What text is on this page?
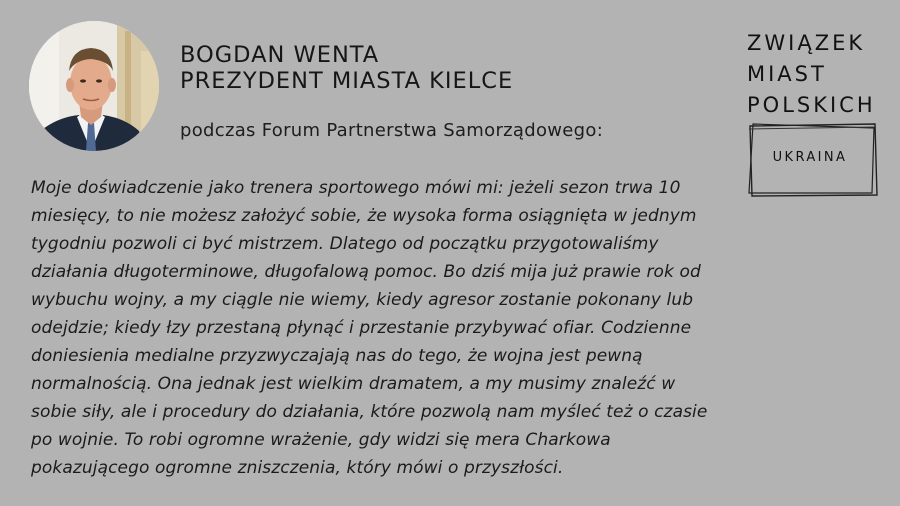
BOGDAN WENTA
PREZYDENT MIASTA KIELCE
podczas Forum Partnerstwa Samorządowego:
ZWIĄZEK
MIAST
POLSKICH
UKRAINA
Moje doświadczenie jako trenera sportowego mówi mi: jeżeli sezon trwa 10
miesięcy, to nie możesz założyć sobie, że wysoka forma osiągnięta w jednym
tygodniu pozwoli ci być mistrzem. Dlatego od początku przygotowaliśmy
działania długoterminowe, długofalową pomoc. Bo dziś mija już prawie rok od
wybuchu wojny, a my ciągle nie wiemy, kiedy agresor zostanie pokonany lub
odejdzie; kiedy łzy przestaną płynąć i przestanie przybywać ofiar. Codzienne
doniesienia medialne przyzwyczajają nas do tego, że wojna jest pewną
normalnością. Ona jednak jest wielkim dramatem, a my musimy znaleźć w
sobie siły, ale i procedury do działania, które pozwolą nam myśleć też o czasie
po wojnie. To robi ogromne wrażenie, gdy widzi się mera Charkowa
pokazującego ogromne zniszczenia, który mówi o przyszłości.
